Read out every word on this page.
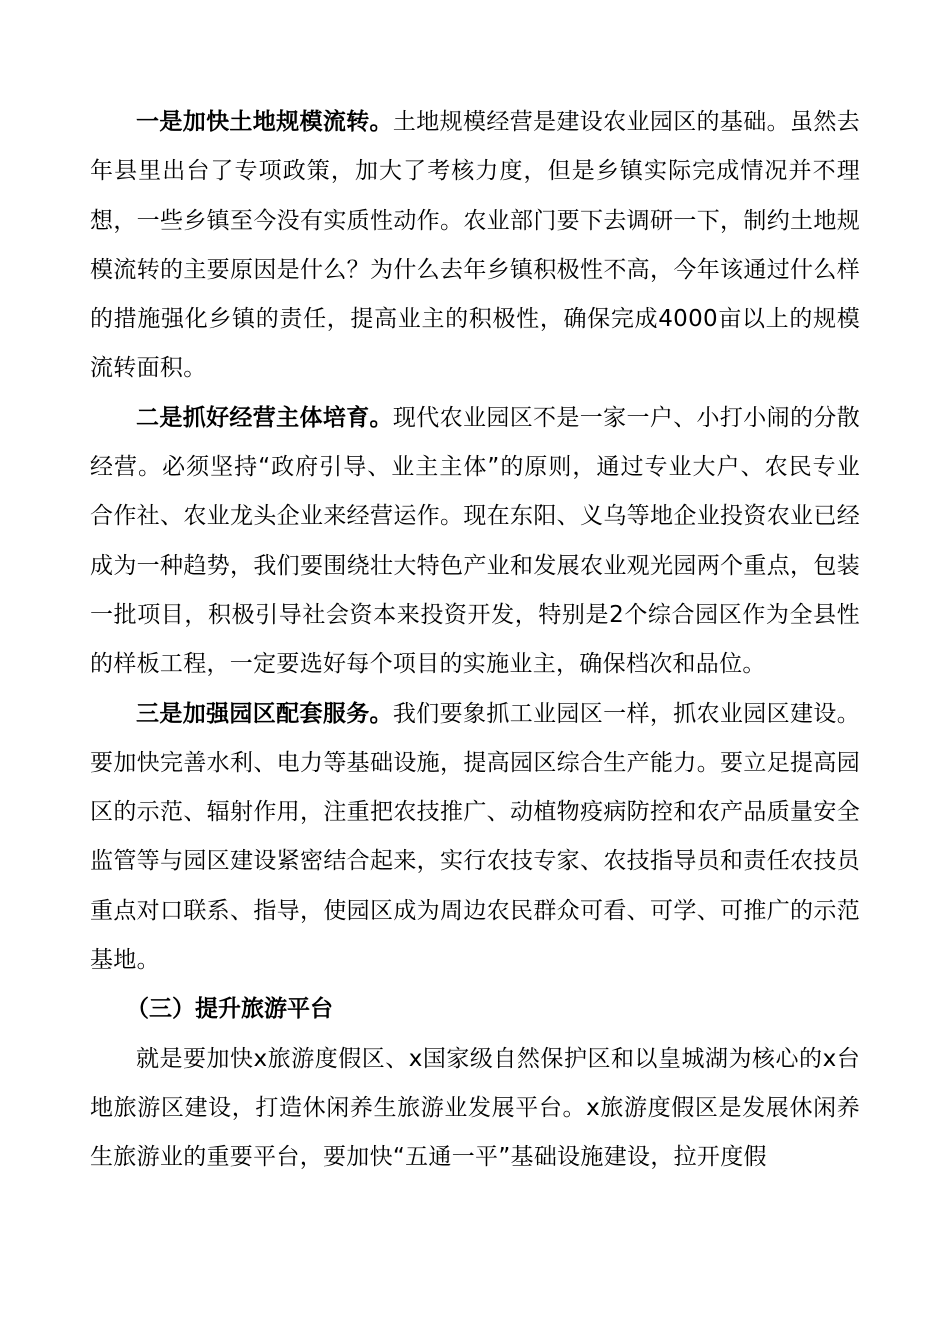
一是加快土地规模流转。土地规模经营是建设农业园区的基础。虽然去年县里出台了专项政策，加大了考核力度，但是乡镇实际完成情况并不理想，一些乡镇至今没有实质性动作。农业部门要下去调研一下，制约土地规模流转的主要原因是什么？为什么去年乡镇积极性不高，今年该通过什么样的措施强化乡镇的责任，提高业主的积极性，确保完成4000亩以上的规模流转面积。

二是抓好经营主体培育。现代农业园区不是一家一户、小打小闹的分散经营。必须坚持“政府引导、业主主体”的原则，通过专业大户、农民专业合作社、农业龙头企业来经营运作。现在东阳、义乌等地企业投资农业已经成为一种趋势，我们要围绕壮大特色产业和发展农业观光园两个重点，包装一批项目，积极引导社会资本来投资开发，特别是2个综合园区作为全县性的样板工程，一定要选好每个项目的实施业主，确保档次和品位。

三是加强园区配套服务。我们要象抓工业园区一样，抓农业园区建设。要加快完善水利、电力等基础设施，提高园区综合生产能力。要立足提高园区的示范、辐射作用，注重把农技推广、动植物疫病防控和农产品质量安全监管等与园区建设紧密结合起来，实行农技专家、农技指导员和责任农技员重点对口联系、指导，使园区成为周边农民群众可看、可学、可推广的示范基地。

（三）提升旅游平台

就是要加快x旅游度假区、x国家级自然保护区和以皇城湖为核心的x台地旅游区建设，打造休闲养生旅游业发展平台。x旅游度假区是发展休闲养生旅游业的重要平台，要加快“五通一平”基础设施建设，拉开度假
